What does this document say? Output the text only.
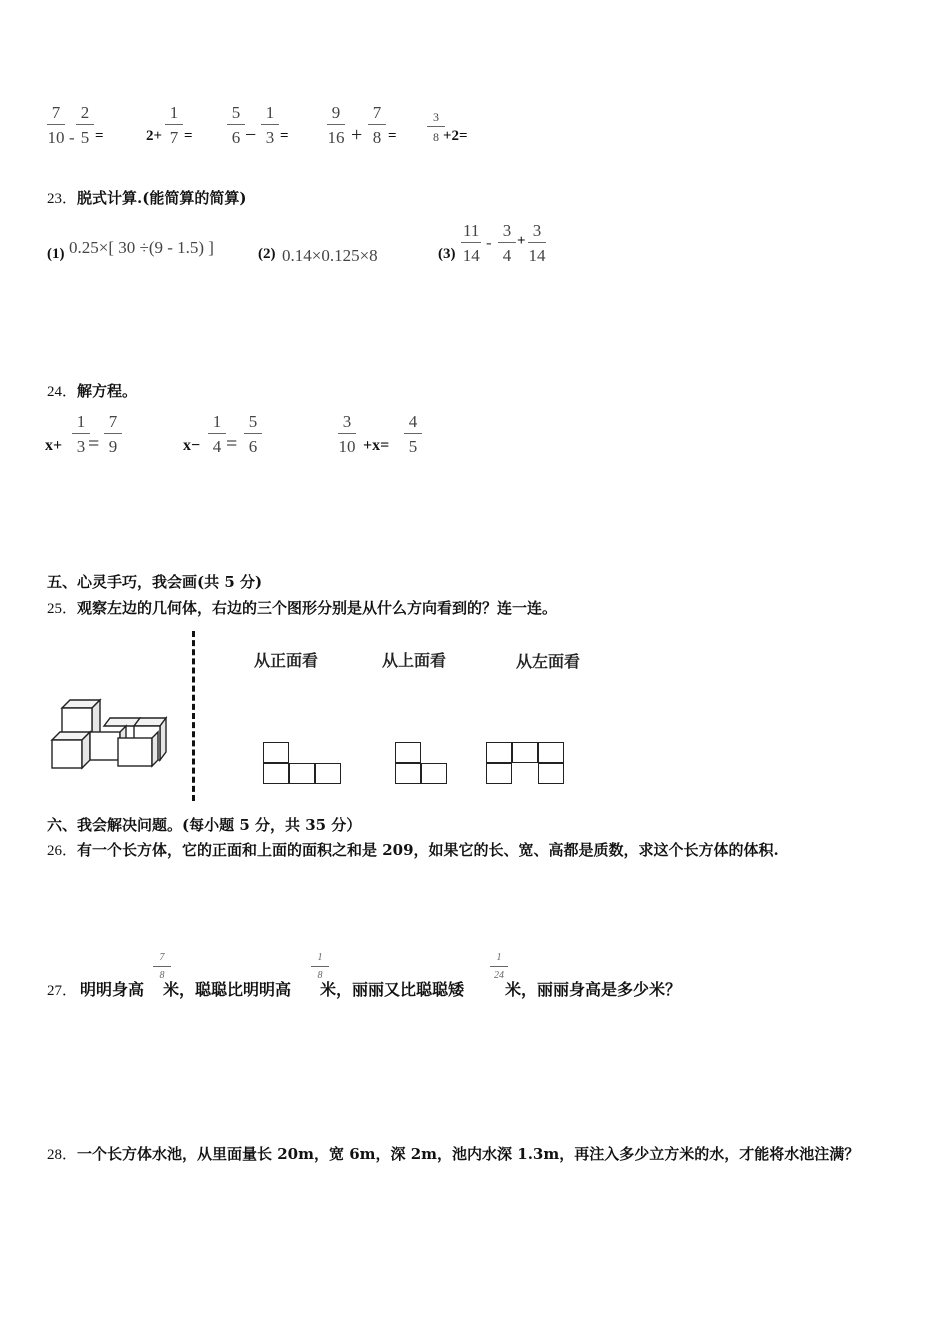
$\frac{7}{10} - \frac{2}{5}$ =	$2+ \frac{1}{7} = \frac{5}{6} - \frac{1}{3} = \frac{9}{16} + \frac{7}{8}$ =	$\frac{3}{8}$
+2=
23．脱式计算.(能简算的简算)
(1) 0.25×[ 30 ÷(9 - 1.5) ]	(2) 0.14×0.125×8	$(3) \frac{11}{14} - \frac{3}{4} + \frac{3}{14}$
24．解方程。
$x+ \frac{1}{3}$
= $\frac{7}{9}$	$x- \frac{1}{4} = \frac{5}{6}$	$\frac{3}{10} +x= \frac{4}{5}$
五、心灵手巧，我会画(共 5 分)
25．观察左边的几何体，右边的三个图形分别是从什么方向看到的？连一连。
从正面看	从上面看	从左面看
六、我会解决问题。(每小题 5 分，共 35 分）
26．有一个长方体，它的正面和上面的面积之和是 209，如果它的长、宽、高都是质数，求这个长方体的体积.
27． 明明身高
$\frac{7}{8}$
米，聪聪比明明高
$\frac{1}{8}$
米，丽丽又比聪聪矮
$\frac{1}{24}$
米，丽丽身高是多少米？
28．一个长方体水池，从里面量长 20m，宽 6m，深 2m，池内水深 1.3m，再注入多少立方米的水，才能将水池注满？
